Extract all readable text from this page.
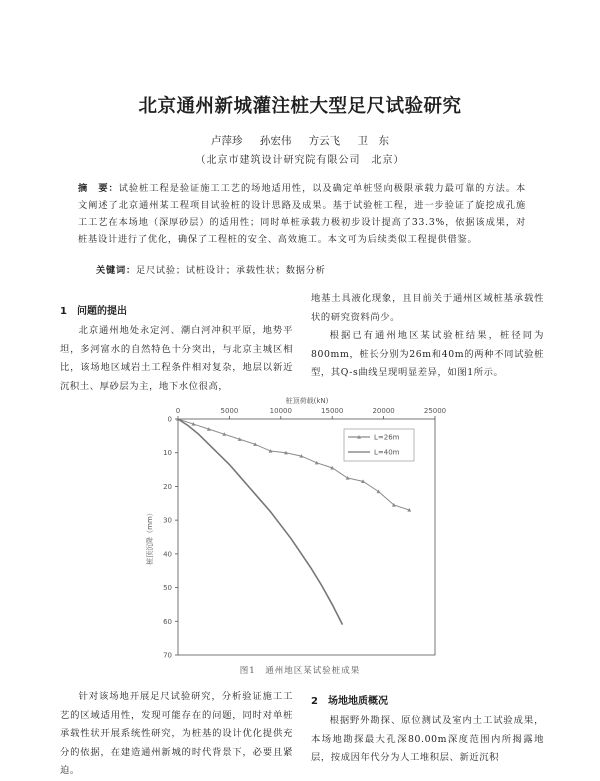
北京通州新城灌注桩大型足尺试验研究
卢萍珍 孙宏伟 方云飞 卫　东
（北京市建筑设计研究院有限公司　北京）
摘　要：试验桩工程是验证施工工艺的场地适用性，以及确定单桩竖向极限承载力最可靠的方法。本文阐述了北京通州某工程项目试验桩的设计思路及成果。基于试验桩工程，进一步验证了旋挖成孔施工工艺在本场地（深厚砂层）的适用性；同时单桩承载力极初步设计提高了33.3%，依据该成果，对桩基设计进行了优化，确保了工程桩的安全、高效施工。本文可为后续类似工程提供借鉴。
关键词：足尺试验；试桩设计；承载性状；数据分析
1　问题的提出

北京通州地处永定河、潮白河冲积平原，地势平坦，多河富水的自然特色十分突出，与北京主城区相比，该场地区域岩土工程条件相对复杂，地层以新近沉积土、厚砂层为主，地下水位很高，

地基土具液化现象，且目前关于通州区域桩基承载性状的研究资料尚少。

根据已有通州地区某试验桩结果，桩径同为800mm，桩长分别为26m和40m的两种不同试验桩型，其Q-s曲线呈现明显差异，如图1所示。

桩顶荷载(kN)
0	5000	10000	15000	20000	25000
0
10
20
30
40
50
60
70
桩顶沉降（mm）
L=26m
L=40m
图1　通州地区某试验桩成果

针对该场地开展足尺试验研究，分析验证施工工艺的区域适用性，发现可能存在的问题，同时对单桩承载性状开展系统性研究，为桩基的设计优化提供充分的依据，在建造通州新城的时代背景下，必要且紧迫。

2　场地地质概况

根据野外勘探、原位测试及室内土工试验成果，本场地勘探最大孔深80.00m深度范围内所揭露地层，按成因年代分为人工堆积层、新近沉积
